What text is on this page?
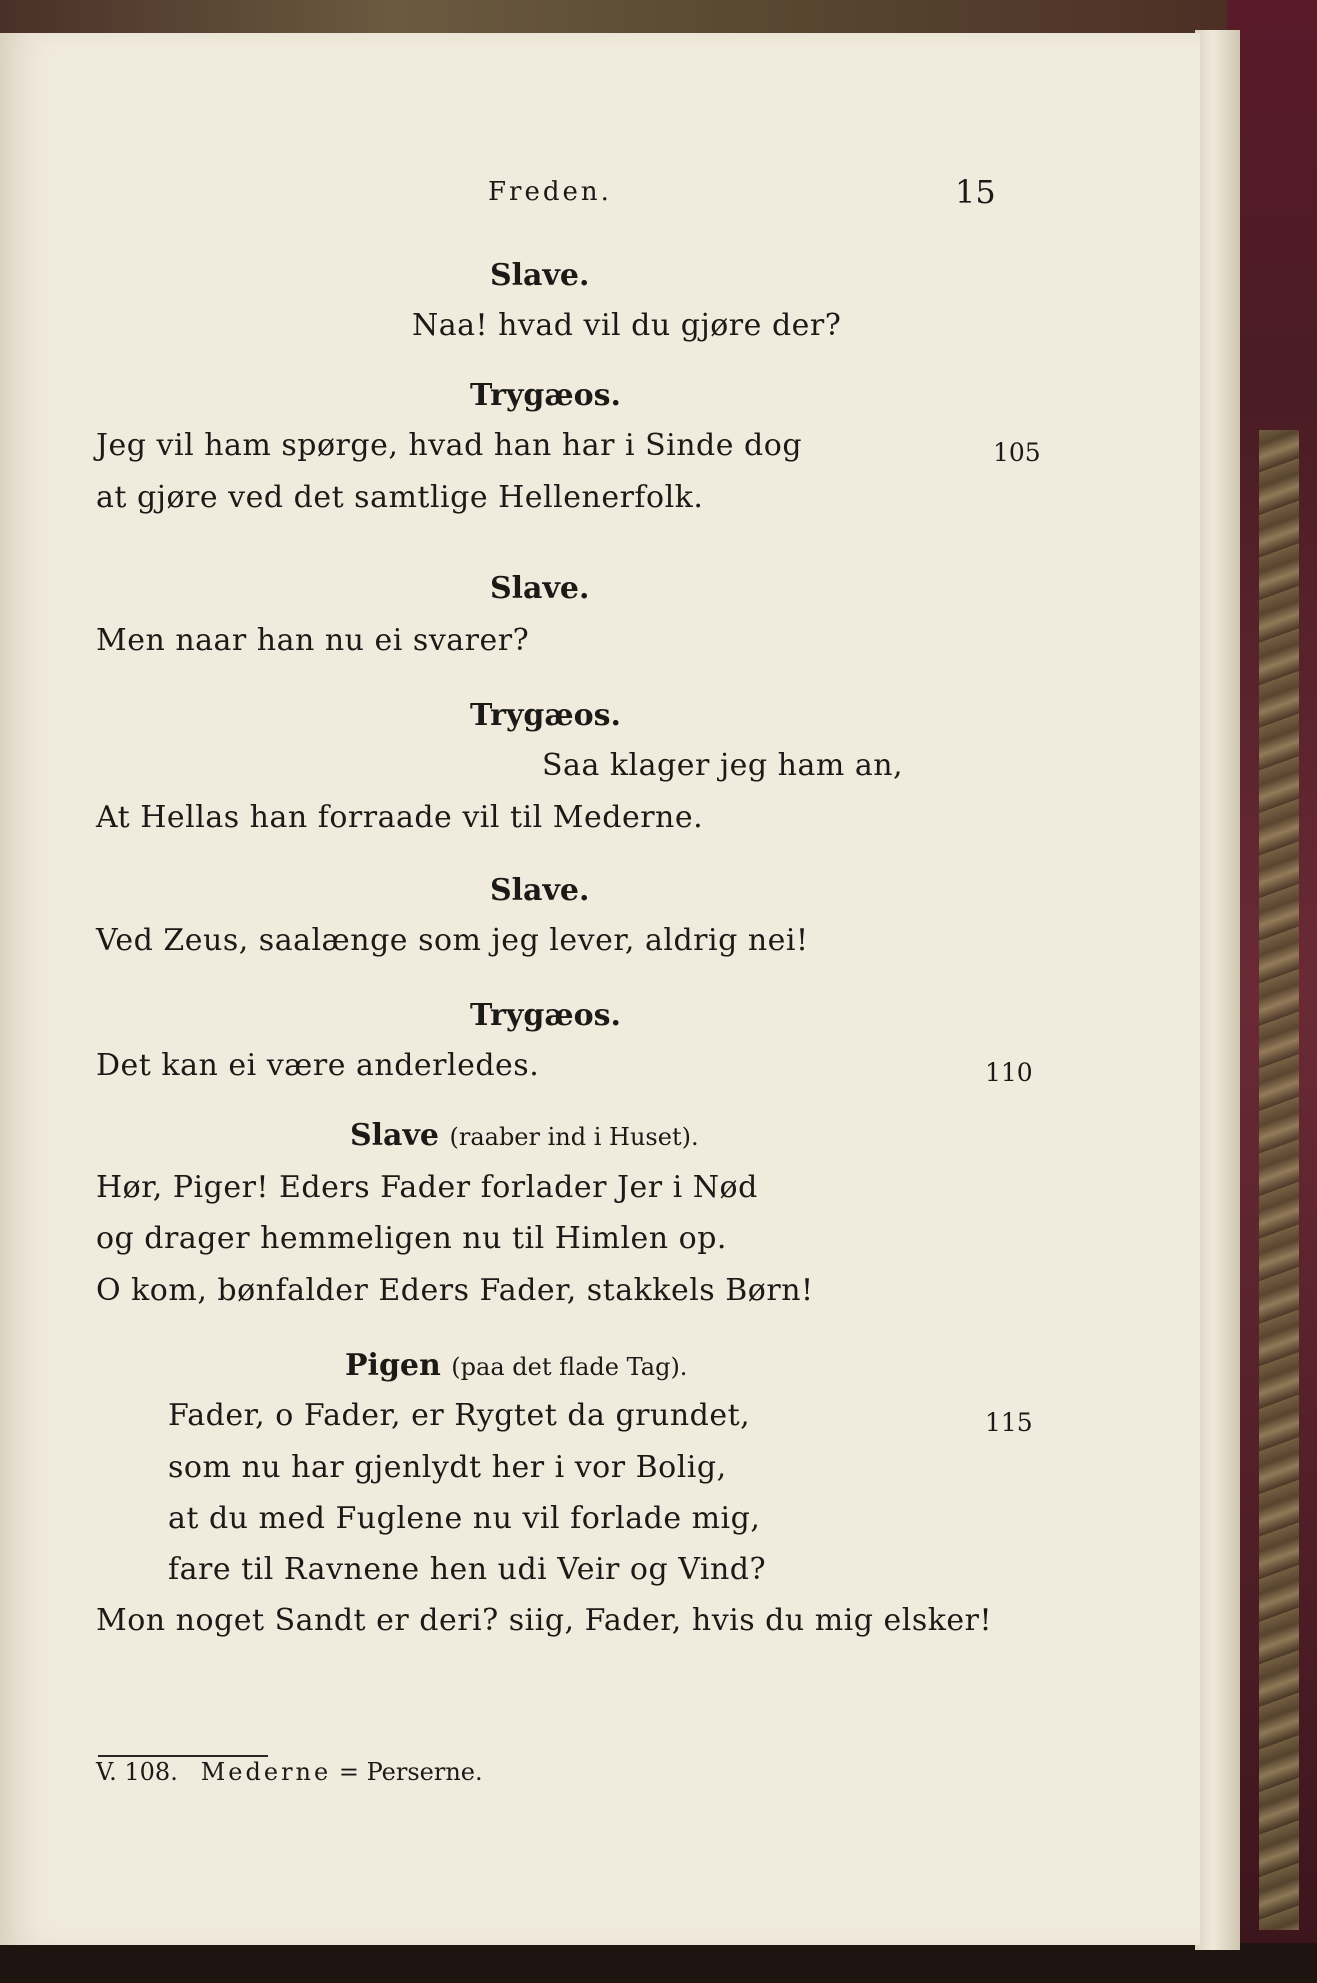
Freden.	15
Slave.
Naa! hvad vil du gjøre der?
Trygæos.
Jeg vil ham spørge, hvad han har i Sinde dog	105
at gjøre ved det samtlige Hellenerfolk.
Slave.
Men naar han nu ei svarer?
Trygæos.
Saa klager jeg ham an,
At Hellas han forraade vil til Mederne.
Slave.
Ved Zeus, saalænge som jeg lever, aldrig nei!
Trygæos.
Det kan ei være anderledes.	110
Slave (raaber ind i Huset).
Hør, Piger! Eders Fader forlader Jer i Nød
og drager hemmeligen nu til Himlen op.
O kom, bønfalder Eders Fader, stakkels Børn!
Pigen (paa det flade Tag).
Fader, o Fader, er Rygtet da grundet,	115
som nu har gjenlydt her i vor Bolig,
at du med Fuglene nu vil forlade mig,
fare til Ravnene hen udi Veir og Vind?
Mon noget Sandt er deri? siig, Fader, hvis du mig elsker!
V. 108. Mederne = Perserne.
